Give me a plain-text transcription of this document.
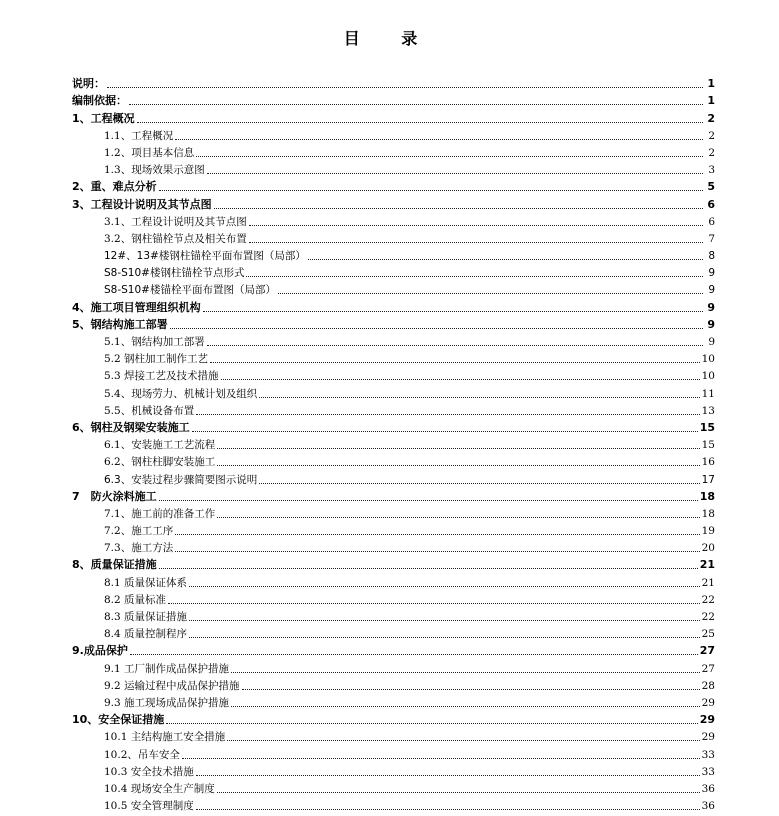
目 录
说明：	1
编制依据：	1
1、工程概况	2
1.1、工程概况	2
1.2、项目基本信息	2
1.3、现场效果示意图	3
2、重、难点分析	5
3、工程设计说明及其节点图	6
3.1、工程设计说明及其节点图	6
3.2、钢柱锚栓节点及相关布置	7
12#、13#楼钢柱锚栓平面布置图（局部）	8
S8-S10#楼钢柱锚栓节点形式	9
S8-S10#楼锚栓平面布置图（局部）	9
4、施工项目管理组织机构	9
5、钢结构施工部署	9
5.1、钢结构加工部署	9
5.2 钢柱加工制作工艺	10
5.3 焊接工艺及技术措施	10
5.4、现场劳力、机械计划及组织	11
5.5、机械设备布置	13
6、钢柱及钢梁安装施工	15
6.1、安装施工工艺流程	15
6.2、钢柱柱脚安装施工	16
6.3、安装过程步骤简要图示说明	17
7　防火涂料施工	18
7.1、施工前的准备工作	18
7.2、施工工序	19
7.3、施工方法	20
8、质量保证措施	21
8.1 质量保证体系	21
8.2 质量标准	22
8.3 质量保证措施	22
8.4 质量控制程序	25
9.成品保护	27
9.1 工厂制作成品保护措施	27
9.2 运输过程中成品保护措施	28
9.3 施工现场成品保护措施	29
10、安全保证措施	29
10.1 主结构施工安全措施	29
10.2、吊车安全	33
10.3 安全技术措施	33
10.4 现场安全生产制度	36
10.5 安全管理制度	36
